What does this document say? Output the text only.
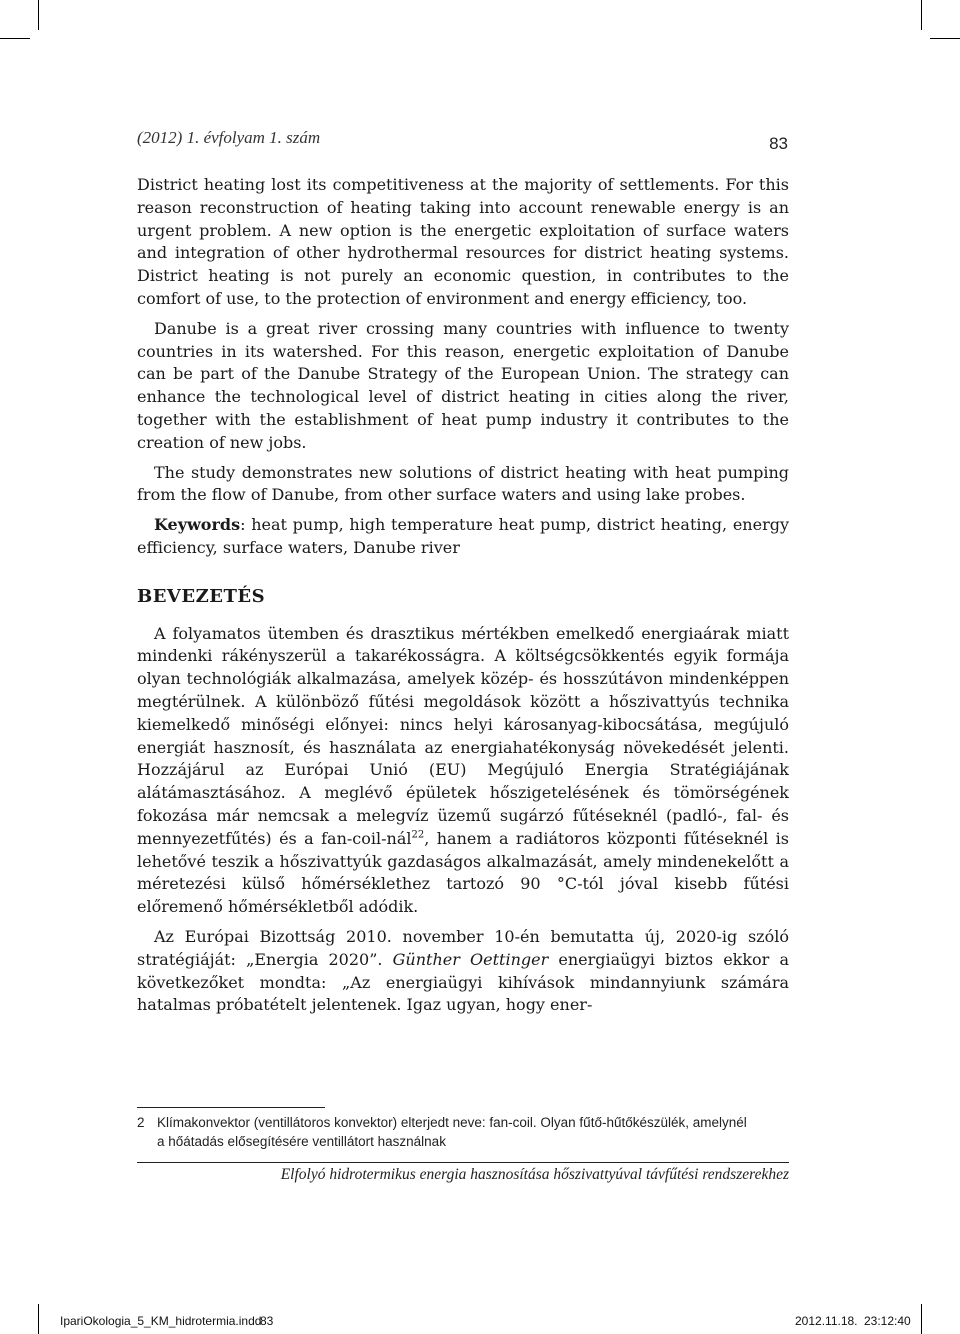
(2012) 1. évfolyam 1. szám	83

District heating lost its competitiveness at the majority of settlements. For this reason reconstruction of heating taking into account renewable energy is an urgent problem. A new option is the energetic exploitation of surface waters and integration of other hydrothermal resources for district heating systems. District heating is not purely an economic question, in contributes to the comfort of use, to the protection of environment and energy efficiency, too.

Danube is a great river crossing many countries with influence to twenty countries in its watershed. For this reason, energetic exploitation of Danube can be part of the Danube Strategy of the European Union. The strategy can enhance the technological level of district heating in cities along the river, together with the establishment of heat pump industry it contributes to the creation of new jobs.

The study demonstrates new solutions of district heating with heat pumping from the flow of Danube, from other surface waters and using lake probes.

Keywords: heat pump, high temperature heat pump, district heating, energy efficiency, surface waters, Danube river

BEVEZETÉS

A folyamatos ütemben és drasztikus mértékben emelkedő energiaárak miatt mindenki rákényszerül a takarékosságra. A költségcsökkentés egyik formája olyan technológiák alkalmazása, amelyek közép- és hosszútávon mindenképpen megtérülnek. A különböző fűtési megoldások között a hőszivattyús technika kiemelkedő minőségi előnyei: nincs helyi károsanyag-kibocsátása, megújuló energiát hasznosít, és használata az energiahatékonyság növekedését jelenti. Hozzájárul az Európai Unió (EU) Megújuló Energia Stratégiájának alátámasztásához. A meglévő épületek hőszigetelésének és tömörségének fokozása már nemcsak a melegvíz üzemű sugárzó fűtéseknél (padló-, fal- és mennyezetfűtés) és a fan-coil-nál$^{22}$, hanem a radiátoros központi fűtéseknél is lehetővé teszik a hőszivattyúk gazdaságos alkalmazását, amely mindenekelőtt a méretezési külső hőmérséklethez tartozó 90 °C-tól jóval kisebb fűtési előremenő hőmérsékletből adódik.

Az Európai Bizottság 2010. november 10-én bemutatta új, 2020-ig szóló stratégiáját: „Energia 2020”. Günther Oettinger energiaügyi biztos ekkor a következőket mondta: „Az energiaügyi kihívások mindannyiunk számára hatalmas próbatételt jelentenek. Igaz ugyan, hogy ener-

2 Klímakonvektor (ventillátoros konvektor) elterjedt neve: fan-coil. Olyan fűtő-hűtőkészülék, amelynél
a hőátadás elősegítésére ventillátort használnak
Elfolyó hidrotermikus energia hasznosítása hőszivattyúval távfűtési rendszerekhez
IpariOkologia_5_KM_hidrotermia.indd
83	2012.11.18. 23:12:40
